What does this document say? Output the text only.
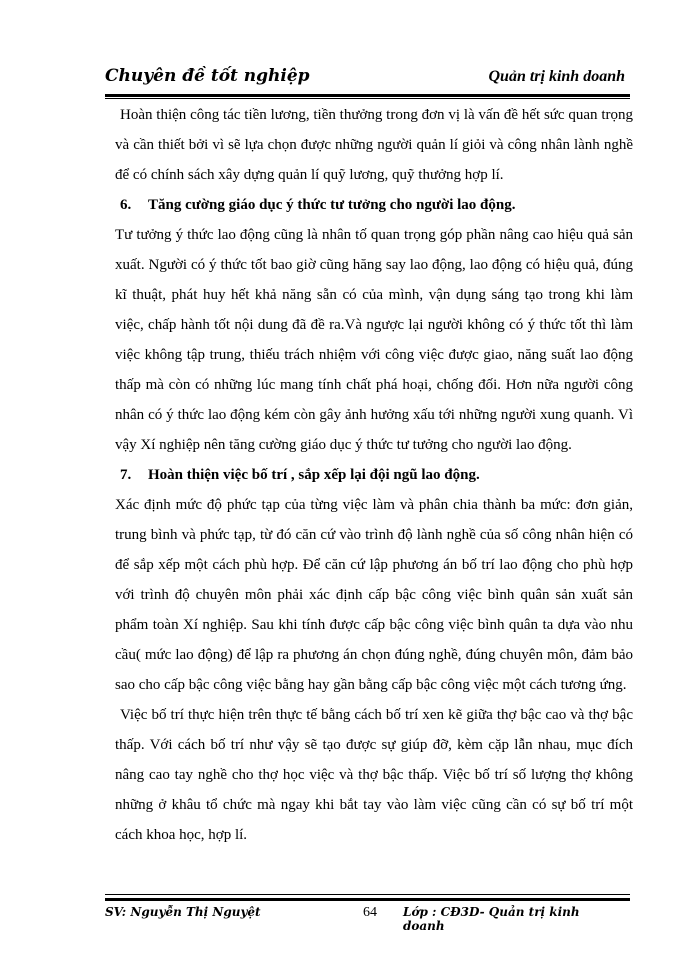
Chuyên đề tốt nghiệp	Quản trị kinh doanh

Hoàn thiện công tác tiền lương, tiền thưởng trong đơn vị là vấn đề hết sức quan trọng và cần thiết bởi vì sẽ lựa chọn được những người quản lí giỏi và công nhân lành nghề để có chính sách xây dựng quản lí quỹ lương, quỹ thưởng hợp lí.

6. Tăng cường giáo dục ý thức tư tưởng cho người lao động.

Tư tưởng ý thức lao động cũng là nhân tố quan trọng góp phần nâng cao hiệu quả sản xuất. Người có ý thức tốt bao giờ cũng hăng say lao động, lao động có hiệu quả, đúng kĩ thuật, phát huy hết khả năng sẵn có của mình, vận dụng sáng tạo trong khi làm việc, chấp hành tốt nội dung đã đề ra.Và ngược lại người không có ý thức tốt thì làm việc không tập trung, thiếu trách nhiệm với công việc được giao, năng suất lao động thấp mà còn có những lúc mang tính chất phá hoại, chống đối. Hơn nữa người công nhân có ý thức lao động kém còn gây ảnh hưởng xấu tới những người xung quanh. Vì vậy Xí nghiệp nên tăng cường giáo dục ý thức tư tưởng cho người lao động.

7. Hoàn thiện việc bố trí , sắp xếp lại đội ngũ lao động.

Xác định mức độ phức tạp của từng việc làm và phân chia thành ba mức: đơn giản, trung bình và phức tạp, từ đó căn cứ vào trình độ lành nghề của số công nhân hiện có để sắp xếp một cách phù hợp. Để căn cứ lập phương án bố trí lao động cho phù hợp với trình độ chuyên môn phải xác định cấp bậc công việc bình quân sản xuất sản phẩm toàn Xí nghiệp. Sau khi tính được cấp bậc công việc bình quân ta dựa vào nhu cầu( mức lao động) để lập ra phương án chọn đúng nghề, đúng chuyên môn, đảm bảo sao cho cấp bậc công việc bằng hay gần bằng cấp bậc công việc một cách tương ứng.

Việc bố trí thực hiện trên thực tế bằng cách bố trí xen kẽ giữa thợ bậc cao và thợ bậc thấp. Với cách bố trí như vậy sẽ tạo được sự giúp đỡ, kèm cặp lẫn nhau, mục đích nâng cao tay nghề cho thợ học việc và thợ bậc thấp. Việc bố trí số lượng thợ không những ở khâu tổ chức mà ngay khi bắt tay vào làm việc cũng cần có sự bố trí một cách khoa học, hợp lí.

SV: Nguyễn Thị Nguyệt	64 Lớp : CĐ3D- Quản trị kinh doanh
